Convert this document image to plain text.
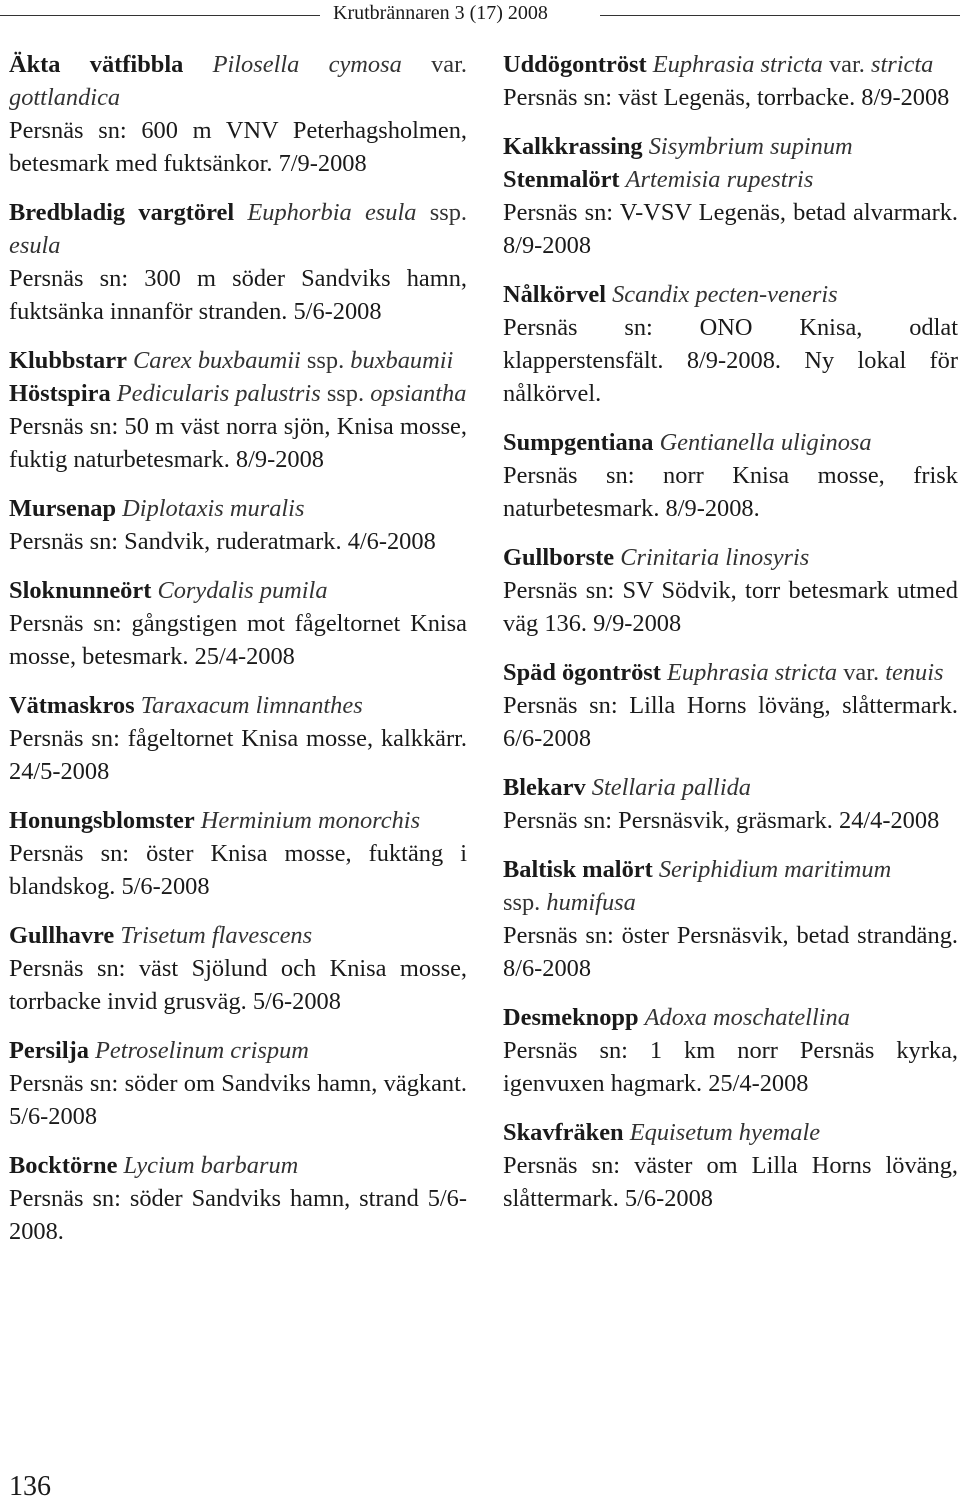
Krutbrännaren 3 (17) 2008

Äkta vätfibbla Pilosella cymosa var. gottlandica

Persnäs sn: 600 m VNV Peterhagsholmen, betesmark med fuktsänkor. 7/9-2008

Bredbladig vargtörel Euphorbia esula ssp. esula

Persnäs sn: 300 m söder Sandviks hamn, fuktsänka innanför stranden. 5/6-2008

Klubbstarr Carex buxbaumii ssp. buxbaumii

Höstspira Pedicularis palustris ssp. opsiantha

Persnäs sn: 50 m väst norra sjön, Knisa mosse, fuktig naturbetesmark. 8/9-2008

Mursenap Diplotaxis muralis

Persnäs sn: Sandvik, ruderatmark. 4/6-2008

Sloknunneört Corydalis pumila

Persnäs sn: gångstigen mot fågeltornet Knisa mosse, betesmark. 25/4-2008

Vätmaskros Taraxacum limnanthes

Persnäs sn: fågeltornet Knisa mosse, kalkkärr. 24/5-2008

Honungsblomster Herminium monorchis

Persnäs sn: öster Knisa mosse, fuktäng i blandskog. 5/6-2008

Gullhavre Trisetum flavescens

Persnäs sn: väst Sjölund och Knisa mosse, torrbacke invid grusväg. 5/6-2008

Persilja Petroselinum crispum

Persnäs sn: söder om Sandviks hamn, vägkant. 5/6-2008

Bocktörne Lycium barbarum

Persnäs sn: söder Sandviks hamn, strand 5/6-2008.

Uddögontröst Euphrasia stricta var. stricta

Persnäs sn: väst Legenäs, torrbacke. 8/9-2008

Kalkkrassing Sisymbrium supinum

Stenmalört Artemisia rupestris

Persnäs sn: V-VSV Legenäs, betad alvarmark. 8/9-2008

Nålkörvel Scandix pecten-veneris

Persnäs sn: ONO Knisa, odlat klapperstensfält. 8/9-2008. Ny lokal för nålkörvel.

Sumpgentiana Gentianella uliginosa

Persnäs sn: norr Knisa mosse, frisk naturbetesmark. 8/9-2008.

Gullborste Crinitaria linosyris

Persnäs sn: SV Södvik, torr betesmark utmed väg 136. 9/9-2008

Späd ögontröst Euphrasia stricta var. tenuis

Persnäs sn: Lilla Horns löväng, slåttermark. 6/6-2008

Blekarv Stellaria pallida

Persnäs sn: Persnäsvik, gräsmark. 24/4-2008

Baltisk malört Seriphidium maritimum

ssp. humifusa

Persnäs sn: öster Persnäsvik, betad strandäng. 8/6-2008

Desmeknopp Adoxa moschatellina

Persnäs sn: 1 km norr Persnäs kyrka, igenvuxen hagmark. 25/4-2008

Skavfräken Equisetum hyemale

Persnäs sn: väster om Lilla Horns löväng, slåttermark. 5/6-2008

136
